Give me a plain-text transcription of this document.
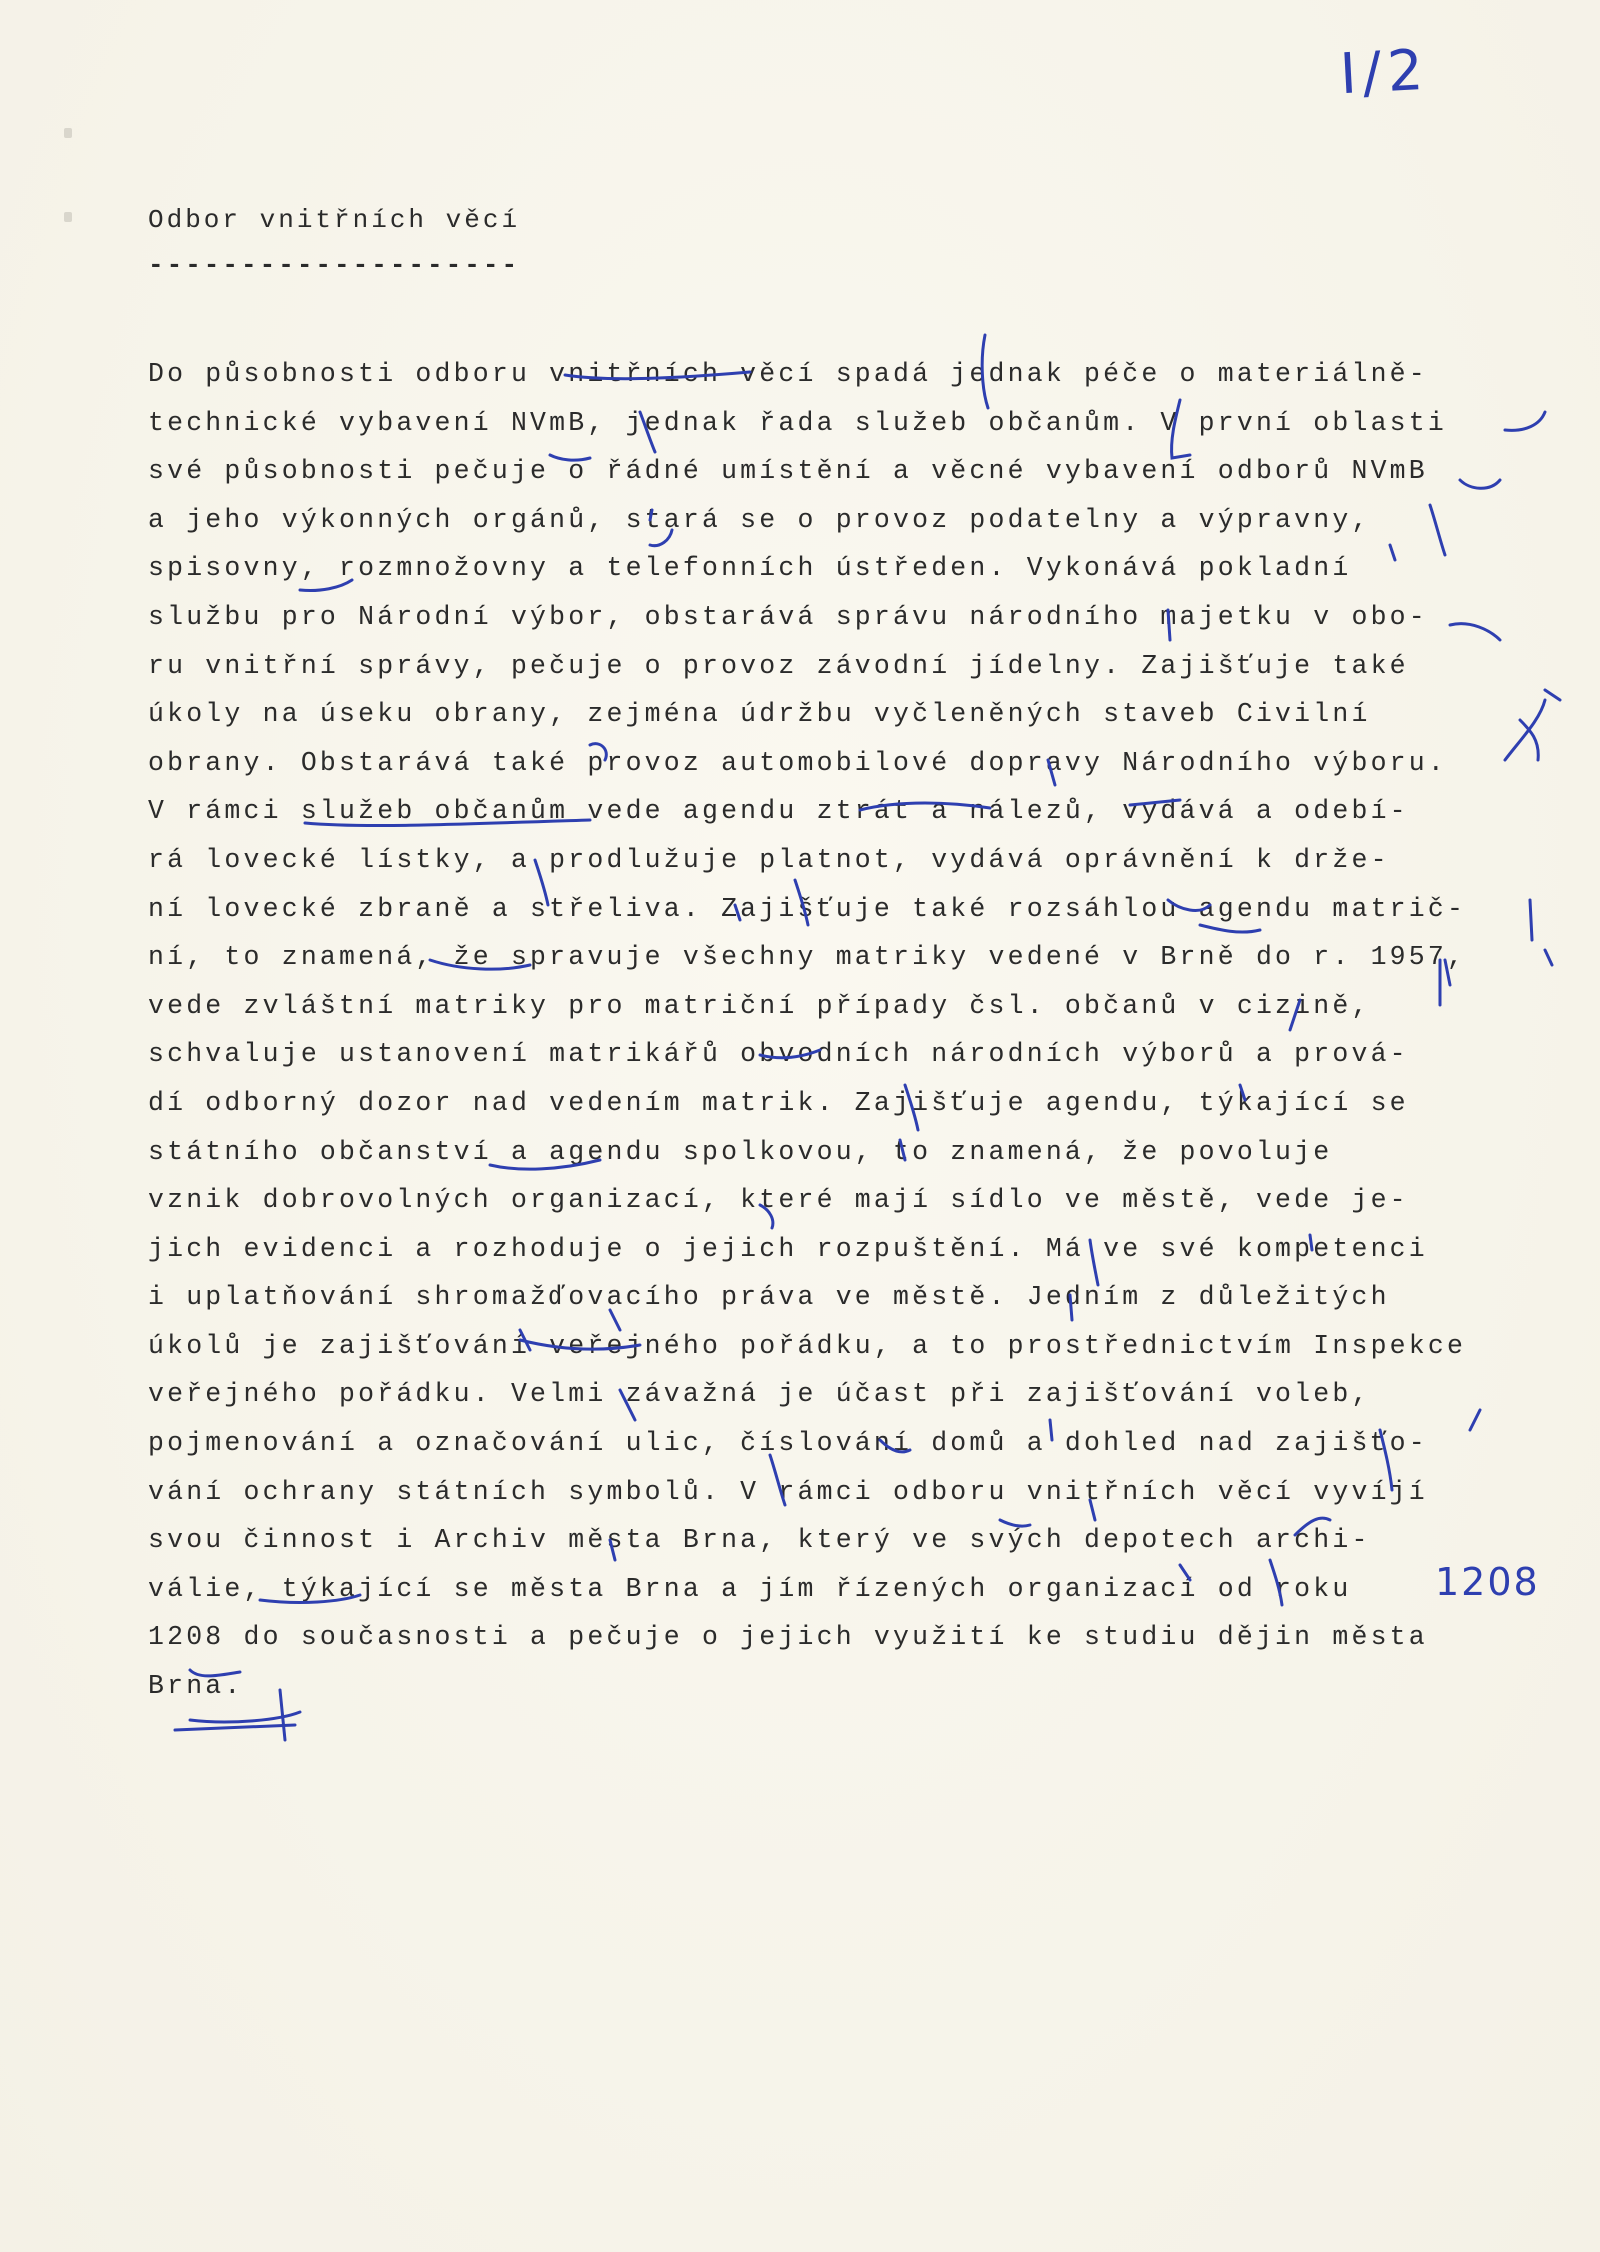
I/2
Odbor vnitřních věcí
--------------------
Do působnosti odboru vnitřních věcí spadá jednak péče o materiálně-
technické vybavení NVmB, jednak řada služeb občanům. V první oblasti
své působnosti pečuje o řádné umístění a věcné vybavení odborů NVmB
a jeho výkonných orgánů, stará se o provoz podatelny a výpravny,
spisovny, rozmnožovny a telefonních ústředen. Vykonává pokladní
službu pro Národní výbor, obstarává správu národního majetku v obo-
ru vnitřní správy, pečuje o provoz závodní jídelny. Zajišťuje také
úkoly na úseku obrany, zejména údržbu vyčleněných staveb Civilní
obrany. Obstarává také provoz automobilové dopravy Národního výboru.
V rámci služeb občanům vede agendu ztrát a nálezů, vydává a odebí-
rá lovecké lístky, a prodlužuje platnot, vydává oprávnění k drže-
ní lovecké zbraně a střeliva. Zajišťuje také rozsáhlou agendu matrič-
ní, to znamená, že spravuje všechny matriky vedené v Brně do r. 1957,
vede zvláštní matriky pro matriční případy čsl. občanů v cizině,
schvaluje ustanovení matrikářů obvodních národních výborů a prová-
dí odborný dozor nad vedením matrik. Zajišťuje agendu, týkající se
státního občanství a agendu spolkovou, to znamená, že povoluje
vznik dobrovolných organizací, které mají sídlo ve městě, vede je-
jich evidenci a rozhoduje o jejich rozpuštění. Má ve své kompetenci
i uplatňování shromažďovacího práva ve městě. Jedním z důležitých
úkolů je zajišťování veřejného pořádku, a to prostřednictvím Inspekce
veřejného pořádku. Velmi závažná je účast při zajišťování voleb,
pojmenování a označování ulic, číslování domů a dohled nad zajišťo-
vání ochrany státních symbolů. V rámci odboru vnitřních věcí vyvíjí
svou činnost i Archiv města Brna, který ve svých depotech archi-
válie, týkající se města Brna a jím řízených organizací od roku
1208 do současnosti a pečuje o jejich využití ke studiu dějin města
Brna.
1208
